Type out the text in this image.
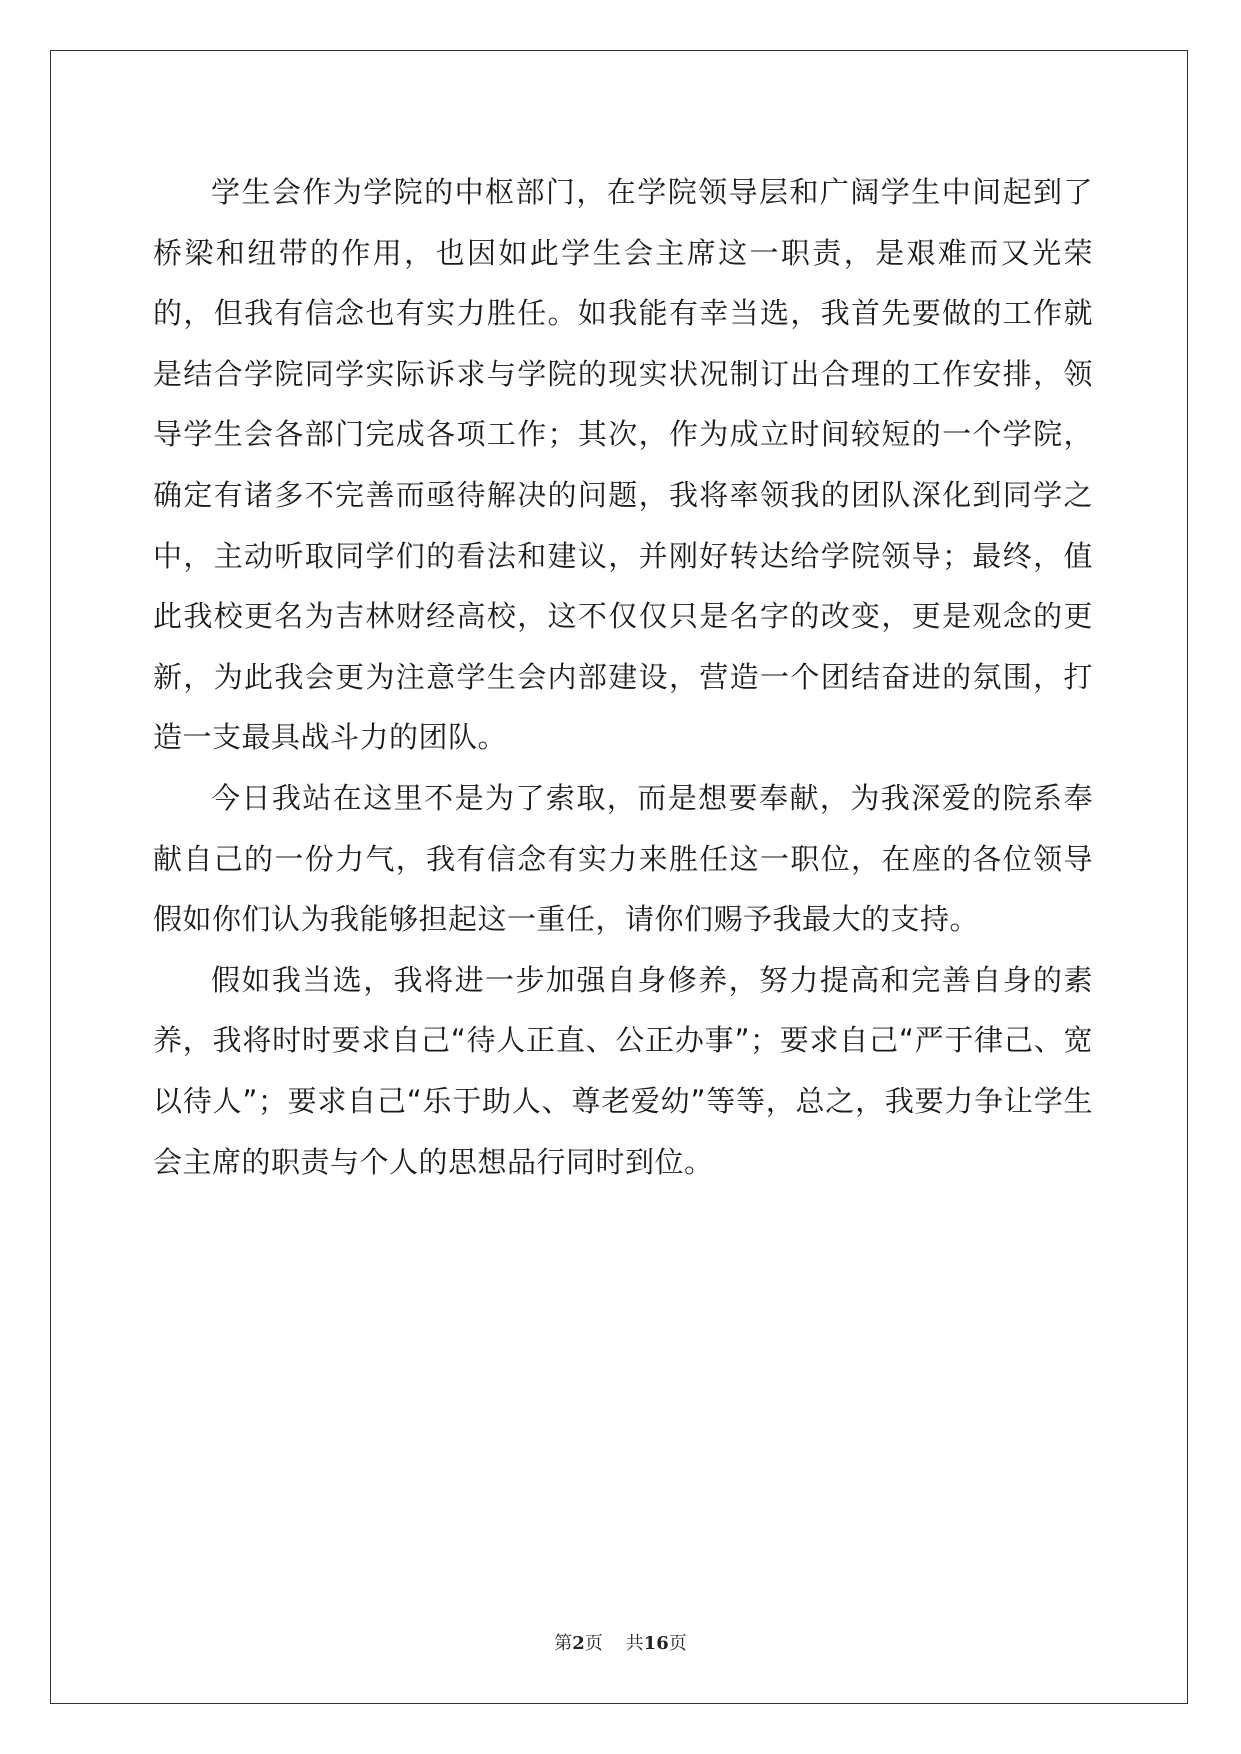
学生会作为学院的中枢部门，在学院领导层和广阔学生中间起到了桥梁和纽带的作用，也因如此学生会主席这一职责，是艰难而又光荣的，但我有信念也有实力胜任。如我能有幸当选，我首先要做的工作就是结合学院同学实际诉求与学院的现实状况制订出合理的工作安排，领导学生会各部门完成各项工作；其次，作为成立时间较短的一个学院，确定有诸多不完善而亟待解决的问题，我将率领我的团队深化到同学之中，主动听取同学们的看法和建议，并刚好转达给学院领导；最终，值此我校更名为吉林财经高校，这不仅仅只是名字的改变，更是观念的更新，为此我会更为注意学生会内部建设，营造一个团结奋进的氛围，打造一支最具战斗力的团队。

今日我站在这里不是为了索取，而是想要奉献，为我深爱的院系奉献自己的一份力气，我有信念有实力来胜任这一职位，在座的各位领导假如你们认为我能够担起这一重任，请你们赐予我最大的支持。

假如我当选，我将进一步加强自身修养，努力提高和完善自身的素养，我将时时要求自己“待人正直、公正办事”；要求自己“严于律己、宽以待人”；要求自己“乐于助人、尊老爱幼”等等，总之，我要力争让学生会主席的职责与个人的思想品行同时到位。

第2页    共16页
